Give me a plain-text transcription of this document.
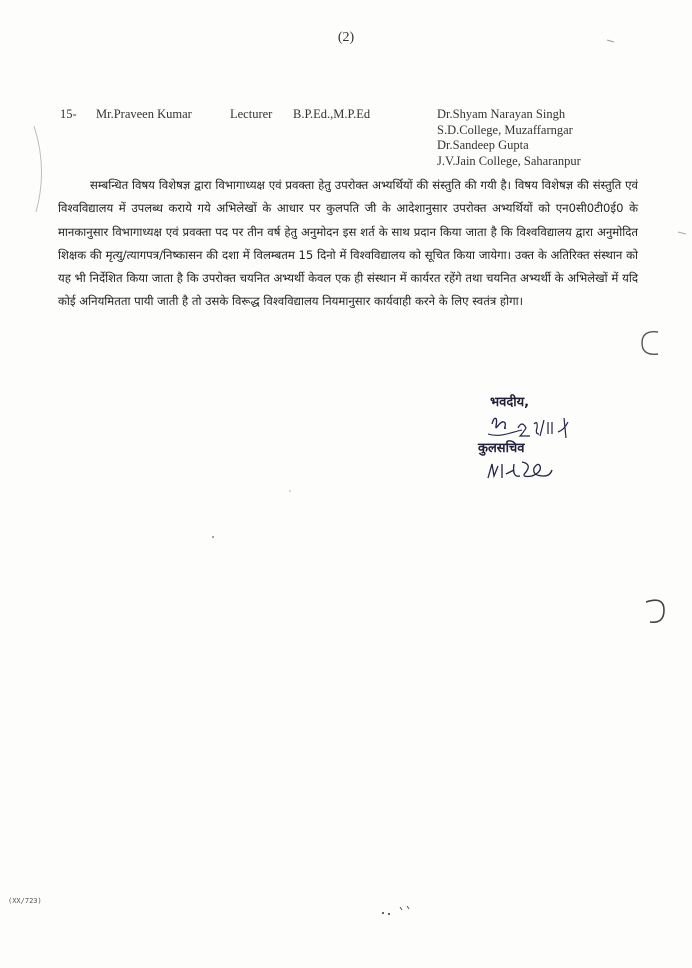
(2)
15- Mr.Praveen Kumar	Lecturer B.P.Ed.,M.P.Ed	Dr.Shyam Narayan Singh
S.D.College, Muzaffarngar
Dr.Sandeep Gupta
J.V.Jain College, Saharanpur

सम्बन्धित विषय विशेषज्ञ द्वारा विभागाध्यक्ष एवं प्रवक्ता हेतु उपरोक्त अभ्यर्थियों की संस्तुति की गयी है। विषय विशेषज्ञ की संस्तुति एवं विश्वविद्यालय में उपलब्ध कराये गये अभिलेखों के आधार पर कुलपति जी के आदेशानुसार उपरोक्त अभ्यर्थियों को एन0सी0टी0ई0 के मानकानुसार विभागाध्यक्ष एवं प्रवक्ता पद पर तीन वर्ष हेतु अनुमोदन इस शर्त के साथ प्रदान किया जाता है कि विश्वविद्यालय द्वारा अनुमोदित शिक्षक की मृत्यु/त्यागपत्र/निष्कासन की दशा में विलम्बतम 15 दिनो में विश्वविद्यालय को सूचित किया जायेगा। उक्त के अतिरिक्त संस्थान को यह भी निर्देशित किया जाता है कि उपरोक्त चयनित अभ्यर्थी केवल एक ही संस्थान में कार्यरत रहेंगे तथा चयनित अभ्यर्थी के अभिलेखों में यदि कोई अनियमितता पायी जाती है तो उसके विरूद्ध विश्वविद्यालय नियमानुसार कार्यवाही करने के लिए स्वतंत्र होगा।

भवदीय,
कुलसचिव
(XX/723)
